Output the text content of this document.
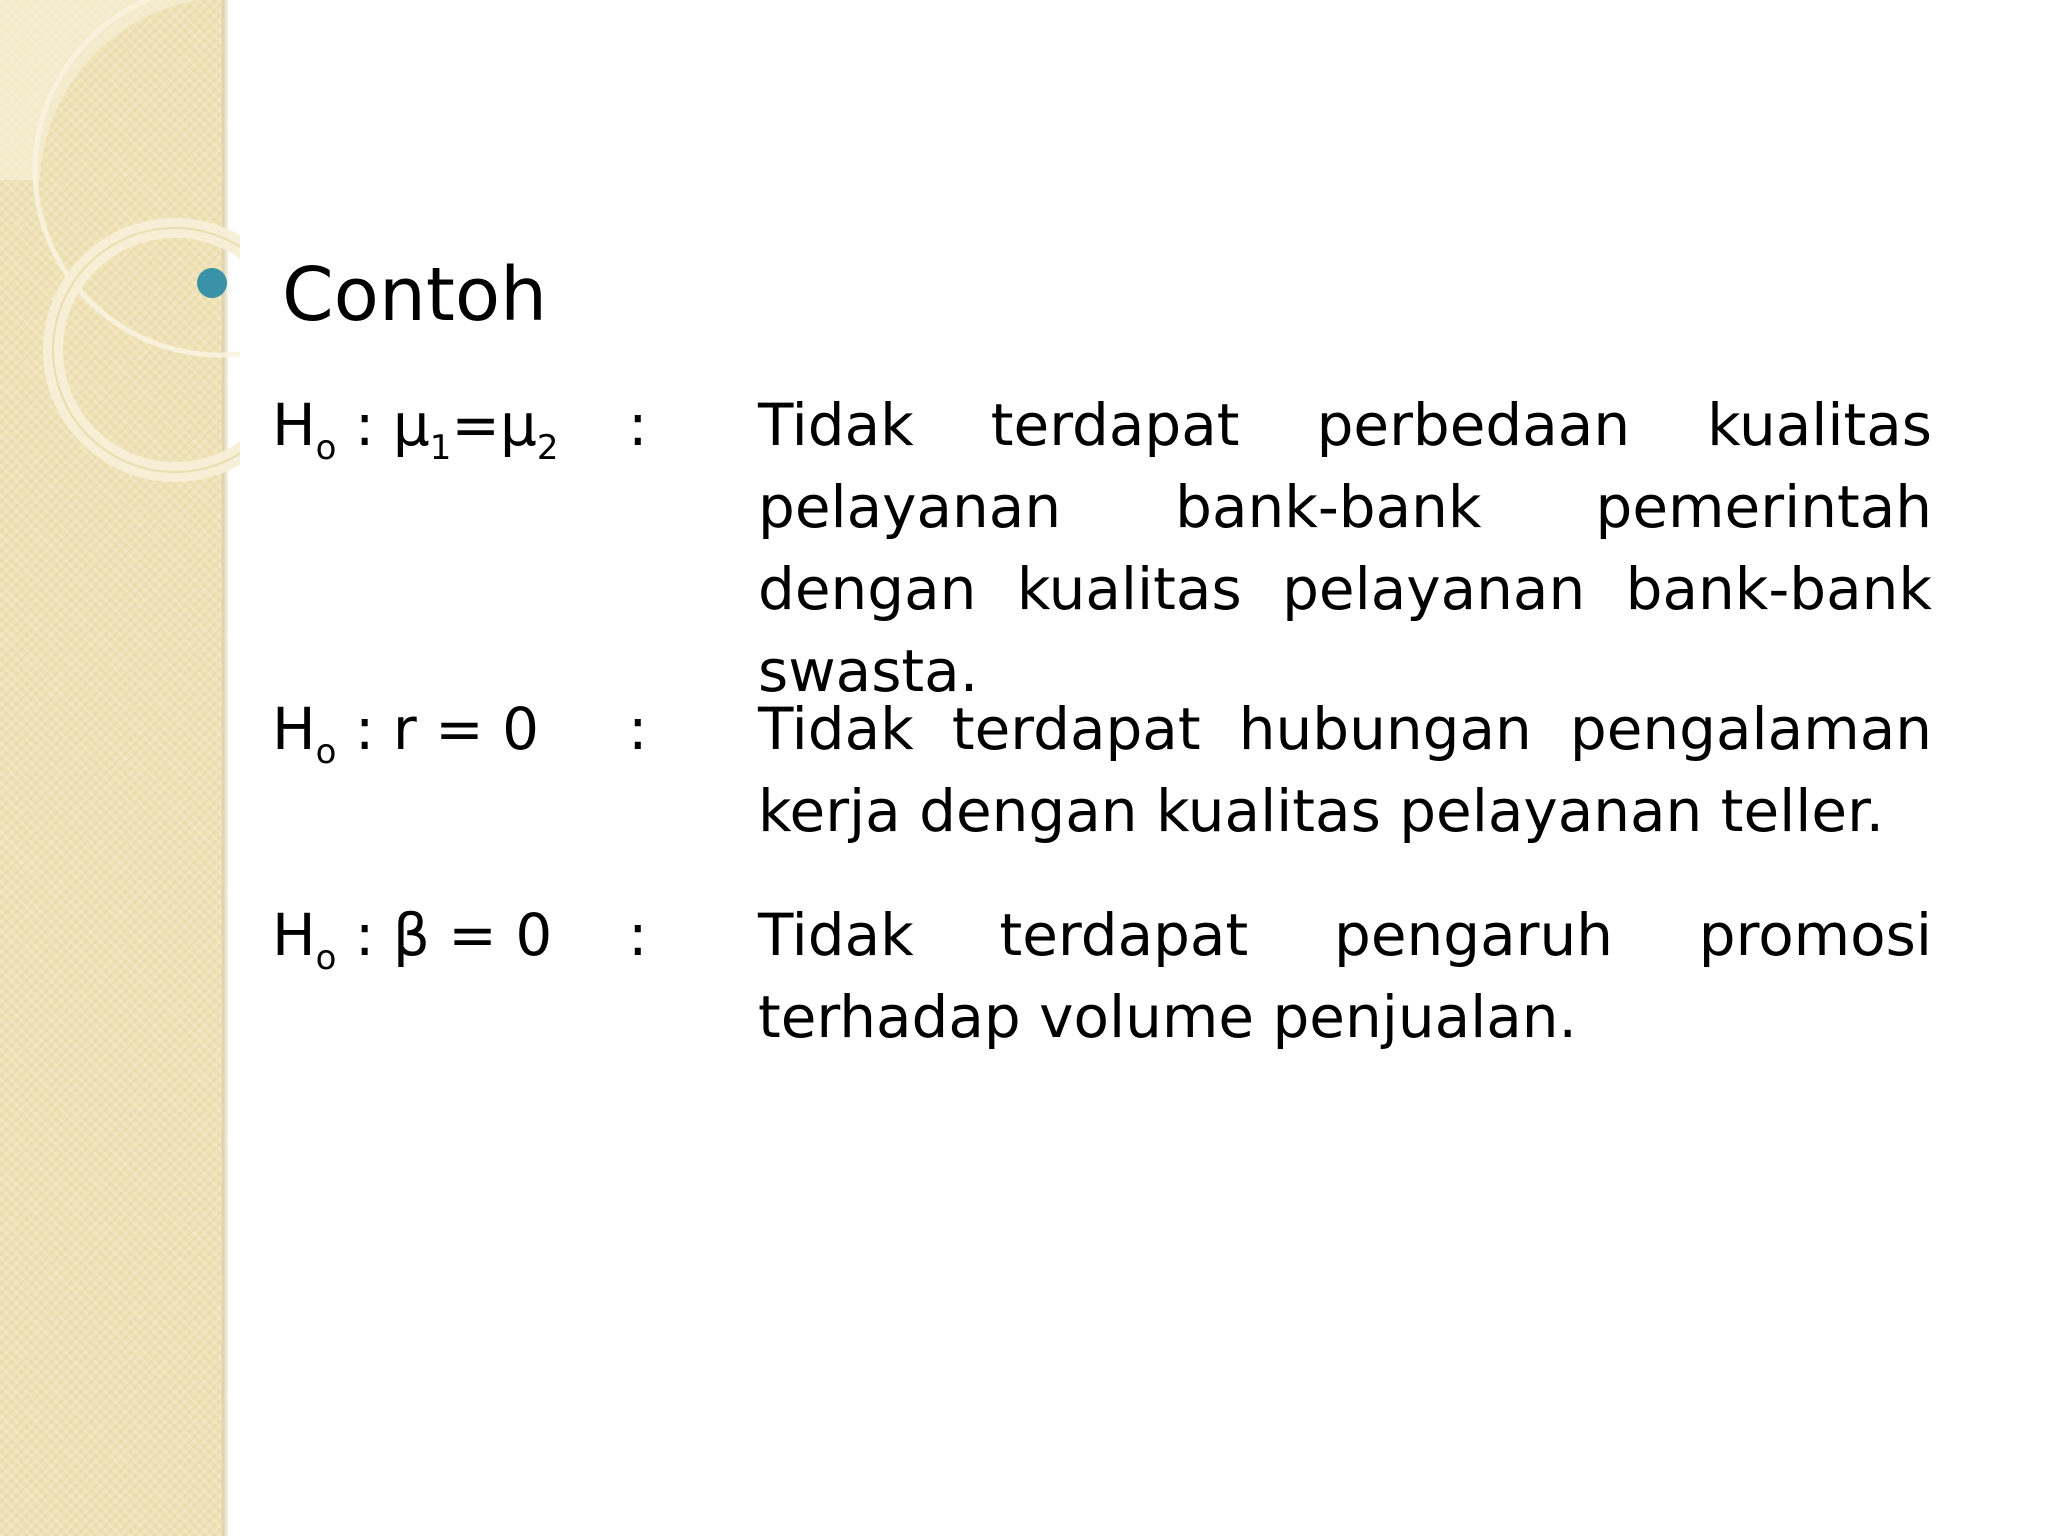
Contoh
$H_o$ : $\mu_1=\mu_2$ : Tidak terdapat perbedaan kualitas pelayanan bank-bank pemerintah dengan kualitas pelayanan bank-bank swasta.
$H_o$ : r = 0 : Tidak terdapat hubungan pengalaman kerja dengan kualitas pelayanan teller.
$H_o$ : β = 0 : Tidak terdapat pengaruh promosi terhadap volume penjualan.
